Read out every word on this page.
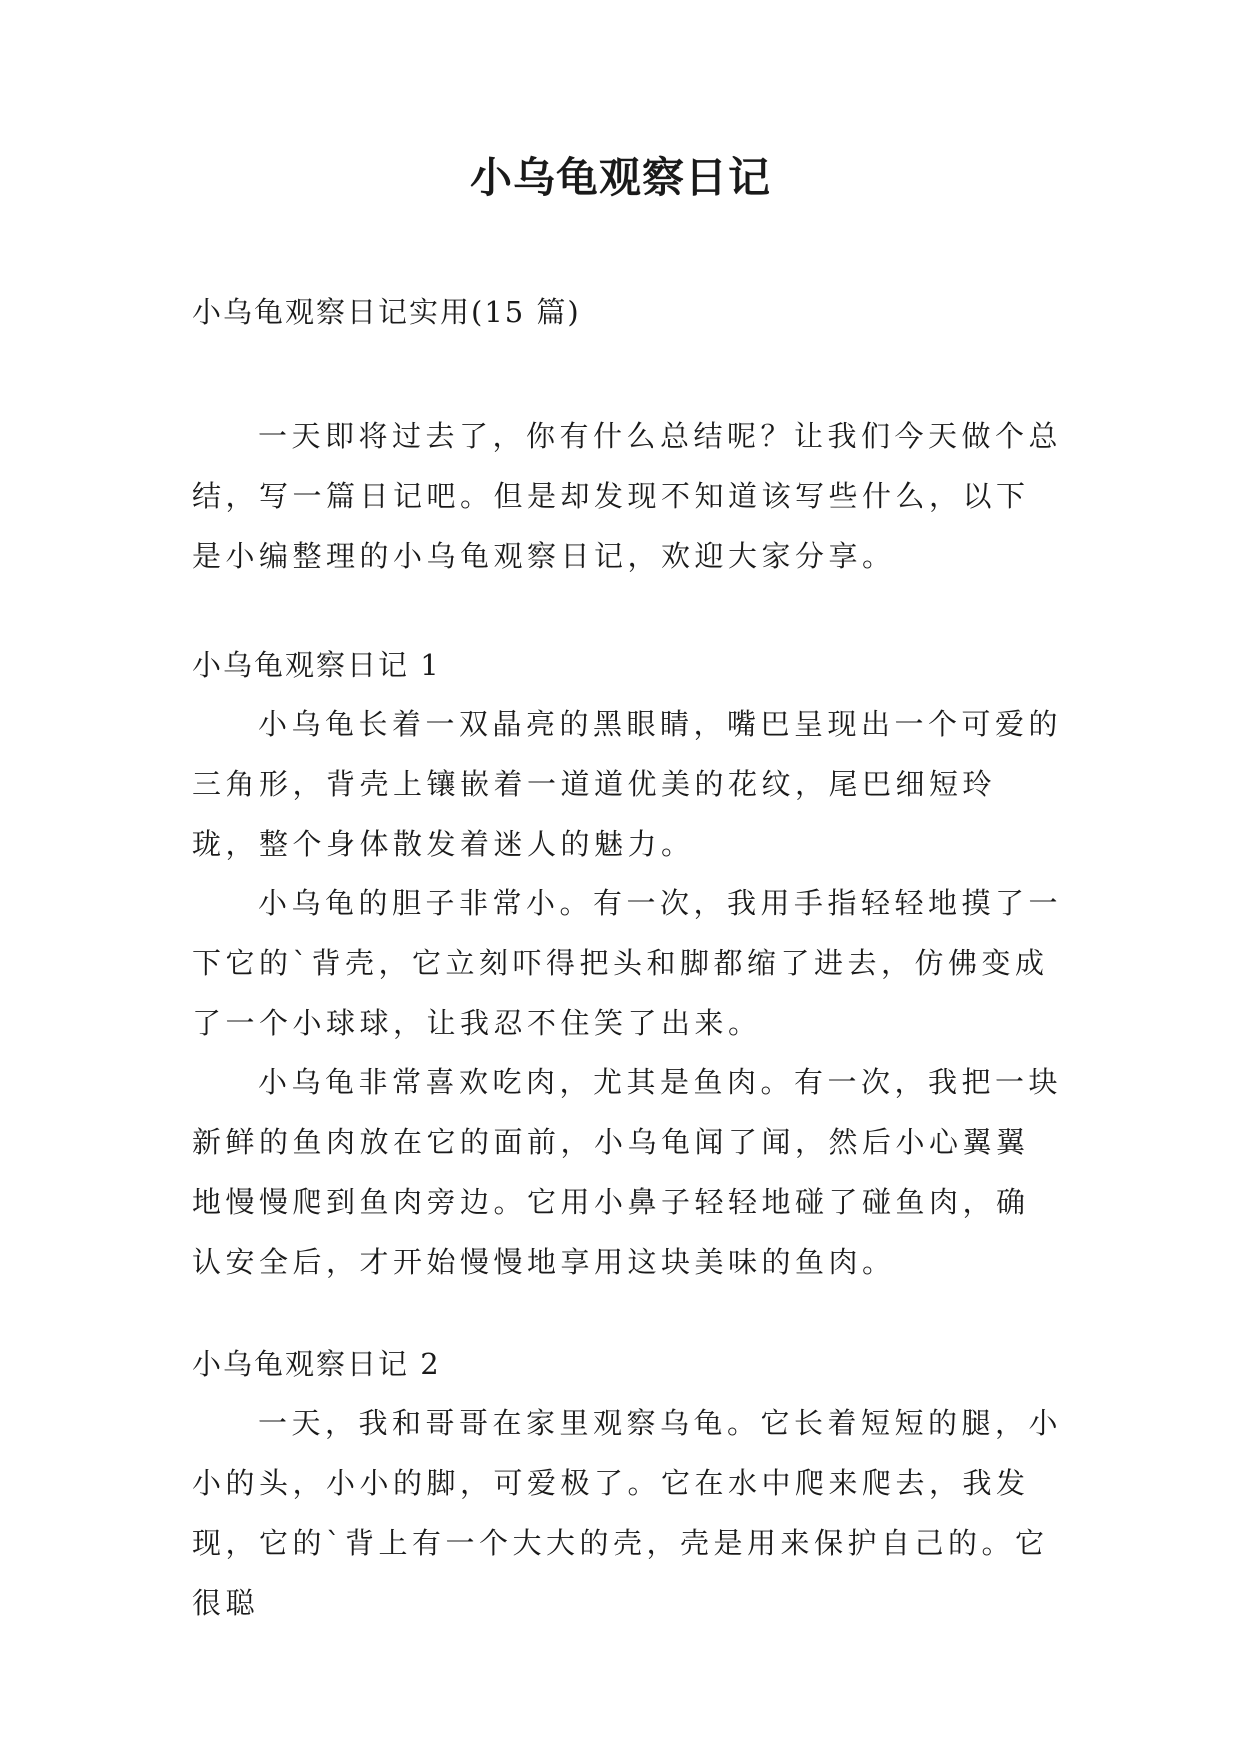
小乌龟观察日记
小乌龟观察日记实用(15 篇)

一天即将过去了，你有什么总结呢？让我们今天做个总结，写一篇日记吧。但是却发现不知道该写些什么，以下是小编整理的小乌龟观察日记，欢迎大家分享。

小乌龟观察日记 1

小乌龟长着一双晶亮的黑眼睛，嘴巴呈现出一个可爱的三角形，背壳上镶嵌着一道道优美的花纹，尾巴细短玲珑，整个身体散发着迷人的魅力。

小乌龟的胆子非常小。有一次，我用手指轻轻地摸了一下它的`背壳，它立刻吓得把头和脚都缩了进去，仿佛变成了一个小球球，让我忍不住笑了出来。

小乌龟非常喜欢吃肉，尤其是鱼肉。有一次，我把一块新鲜的鱼肉放在它的面前，小乌龟闻了闻，然后小心翼翼地慢慢爬到鱼肉旁边。它用小鼻子轻轻地碰了碰鱼肉，确认安全后，才开始慢慢地享用这块美味的鱼肉。

小乌龟观察日记 2

一天，我和哥哥在家里观察乌龟。它长着短短的腿，小小的头，小小的脚，可爱极了。它在水中爬来爬去，我发现，它的`背上有一个大大的壳，壳是用来保护自己的。它很聪
